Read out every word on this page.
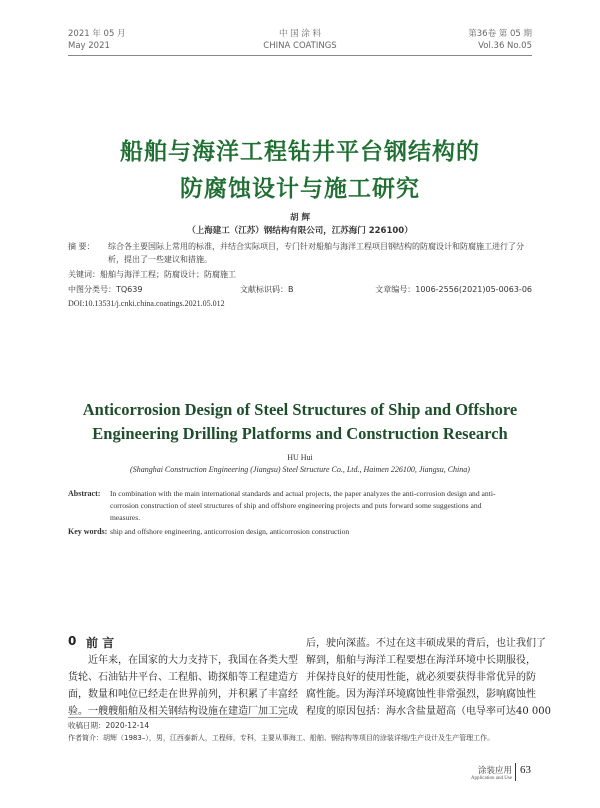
2021 年 05 月
May 2021
中 国 涂 料
CHINA COATINGS
第36卷 第 05 期
Vol.36 No.05
船舶与海洋工程钻井平台钢结构的
防腐蚀设计与施工研究
胡 辉
（上海建工（江苏）钢结构有限公司，江苏海门 226100）
摘 要： 综合各主要国际上常用的标准，并结合实际项目，专门针对船舶与海洋工程项目钢结构的防腐设计和防腐施工进行了分
析，提出了一些建议和措施。
关键词：船舶与海洋工程；防腐设计；防腐施工
中图分类号：TQ639	文献标识码：B	文章编号：1006-2556(2021)05-0063-06
DOI:10.13531/j.cnki.china.coatings.2021.05.012
Anticorrosion Design of Steel Structures of Ship and Offshore
Engineering Drilling Platforms and Construction Research
HU Hui
(Shanghai Construction Engineering (Jiangsu) Steel Structure Co., Ltd., Haimen 226100, Jiangsu, China)
Abstract: In combination with the main international standards and actual projects, the paper analyzes the anti-corrosion design and anti-
corrosion construction of steel structures of ship and offshore engineering projects and puts forward some suggestions and
measures.
Key words: ship and offshore engineering, anticorrosion design, anticorrosion construction
0 前 言
近年来，在国家的大力支持下，我国在各类大型
货轮、石油钻井平台、工程船、勘探船等工程建造方
面，数量和吨位已经走在世界前列，并积累了丰富经
验。一艘艘船舶及相关钢结构设施在建造厂加工完成
后，驶向深蓝。不过在这丰硕成果的背后，也让我们了
解到，船舶与海洋工程要想在海洋环境中长期服役，
并保持良好的使用性能，就必须要获得非常优异的防
腐性能。因为海洋环境腐蚀性非常强烈，影响腐蚀性
程度的原因包括：海水含盐量超高（电导率可达40 000
收稿日期：2020-12-14
作者简介：胡辉（1983–），男，江西泰新人，工程师，专科，主要从事海工、船舶、钢结构等项目的涂装详细/生产设计及生产管理工作。
涂装应用
Application and Use
63
